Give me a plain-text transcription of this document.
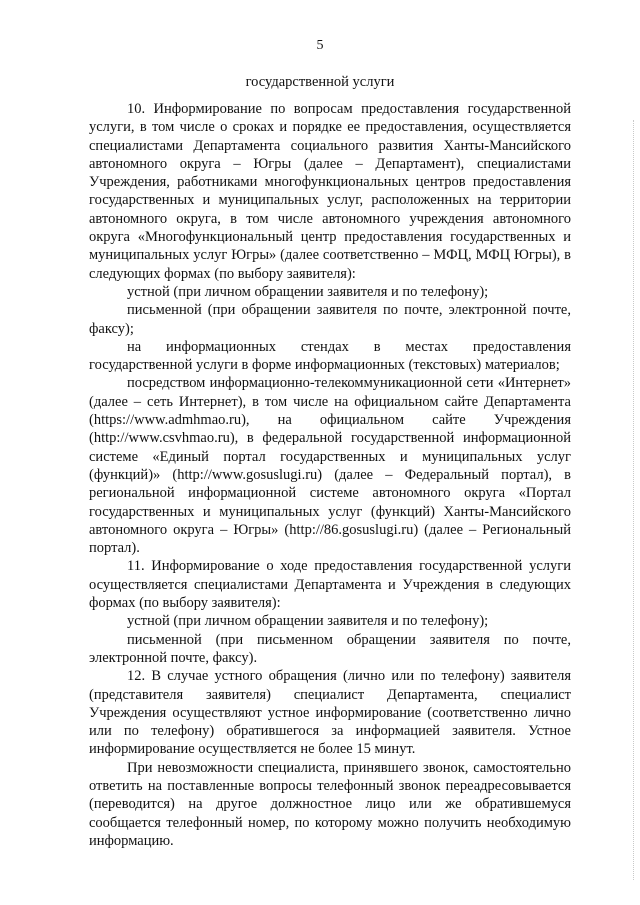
5
государственной услуги

10. Информирование по вопросам предоставления государственной услуги, в том числе о сроках и порядке ее предоставления, осуществляется специалистами Департамента социального развития Ханты-Мансийского автономного округа – Югры (далее – Департамент), специалистами Учреждения, работниками многофункциональных центров предоставления государственных и муниципальных услуг, расположенных на территории автономного округа, в том числе автономного учреждения автономного округа «Многофункциональный центр предоставления государственных и муниципальных услуг Югры» (далее соответственно – МФЦ, МФЦ Югры), в следующих формах (по выбору заявителя):

устной (при личном обращении заявителя и по телефону);

письменной (при обращении заявителя по почте, электронной почте, факсу);

на информационных стендах в местах предоставления государственной услуги в форме информационных (текстовых) материалов;

посредством информационно-телекоммуникационной сети «Интернет» (далее – сеть Интернет), в том числе на официальном сайте Департамента (https://www.admhmao.ru), на официальном сайте Учреждения (http://www.csvhmao.ru), в федеральной государственной информационной системе «Единый портал государственных и муниципальных услуг (функций)» (http://www.gosuslugi.ru) (далее – Федеральный портал), в региональной информационной системе автономного округа «Портал государственных и муниципальных услуг (функций) Ханты-Мансийского автономного округа – Югры» (http://86.gosuslugi.ru) (далее – Региональный портал).

11. Информирование о ходе предоставления государственной услуги осуществляется специалистами Департамента и Учреждения в следующих формах (по выбору заявителя):

устной (при личном обращении заявителя и по телефону);

письменной (при письменном обращении заявителя по почте, электронной почте, факсу).

12. В случае устного обращения (лично или по телефону) заявителя (представителя заявителя) специалист Департамента, специалист Учреждения осуществляют устное информирование (соответственно лично или по телефону) обратившегося за информацией заявителя. Устное информирование осуществляется не более 15 минут.

При невозможности специалиста, принявшего звонок, самостоятельно ответить на поставленные вопросы телефонный звонок переадресовывается (переводится) на другое должностное лицо или же обратившемуся сообщается телефонный номер, по которому можно получить необходимую информацию.
